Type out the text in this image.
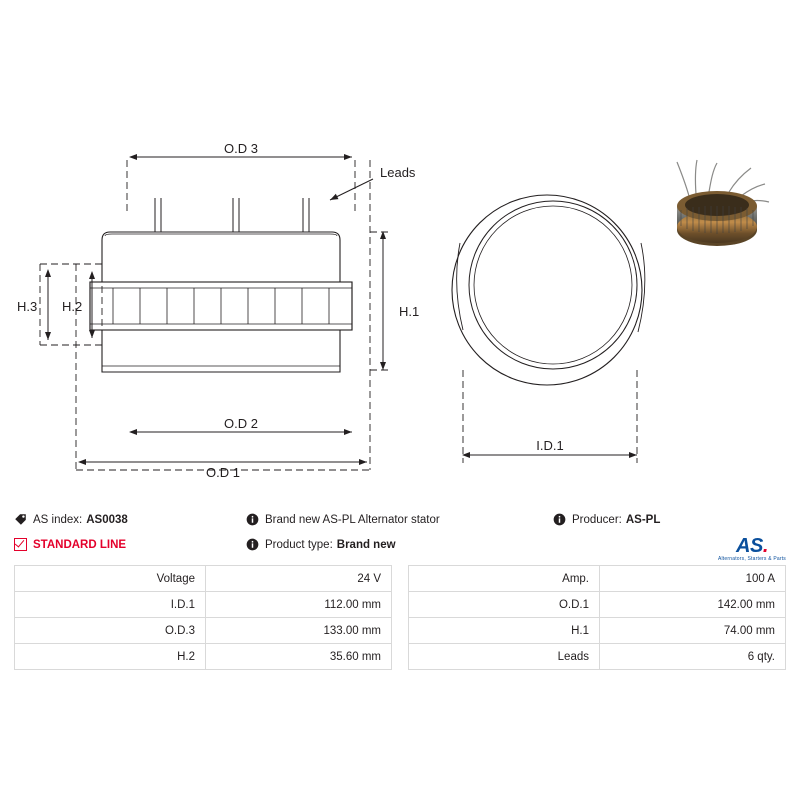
O.D 3
O.D 2
O.D 1
Leads
H.1
H.2
H.3
I.D.1
AS index: AS0038
STANDARD LINE
Brand new AS-PL Alternator stator
Product type: Brand new
Producer: AS-PL
AS.
Alternators, Starters & Parts
Voltage	24 V
I.D.1	112.00 mm
O.D.3	133.00 mm
H.2	35.60 mm
Amp.	100 A
O.D.1	142.00 mm
H.1	74.00 mm
Leads	6 qty.
